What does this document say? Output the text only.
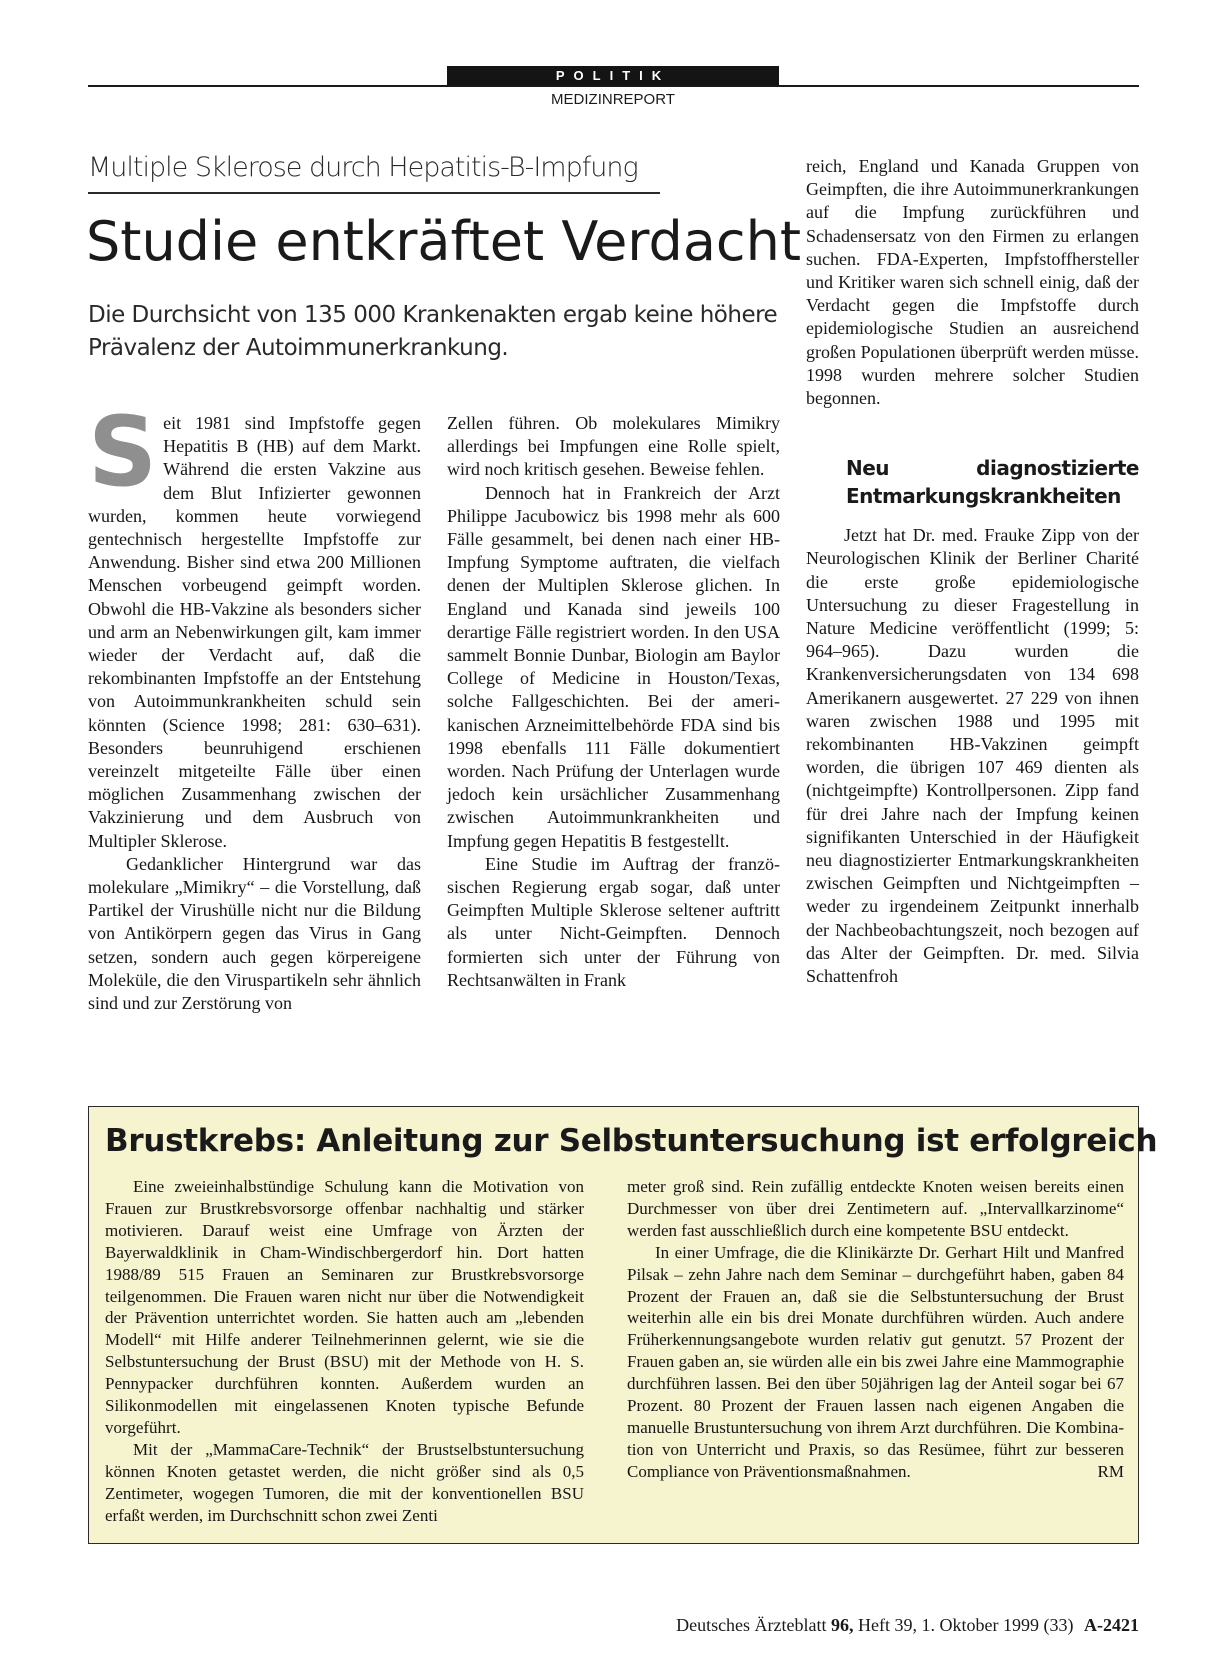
POLITIK
MEDIZINREPORT
Multiple Sklerose durch Hepatitis-B-Impfung
Studie entkräftet Verdacht
Die Durchsicht von 135 000 Krankenakten ergab keine höhere Prävalenz der Autoimmunerkrankung.

Seit 1981 sind Impfstoffe gegen Hepatitis B (HB) auf dem Markt. Während die ersten Vakzine aus dem Blut Infizierter gewonnen wurden, kommen heute vorwiegend gentechnisch hergestellte Impfstoffe zur Anwendung. Bisher sind etwa 200 Millionen Menschen vorbeugend geimpft worden. Obwohl die HB-Vakzine als besonders sicher und arm an Nebenwirkungen gilt, kam immer wieder der Verdacht auf, daß die rekombinanten Impfstoffe an der Entstehung von Autoimmunkrankheiten schuld sein könnten (Science 1998; 281: 630–631). Besonders beunruhigend erschienen vereinzelt mitgeteilte Fälle über einen möglichen Zusammenhang zwischen der Vakzinierung und dem Ausbruch von Multipler Sklerose.

Gedanklicher Hintergrund war das molekulare „Mimikry“ – die Vorstellung, daß Partikel der Virushülle nicht nur die Bildung von Antikörpern gegen das Virus in Gang setzen, sondern auch gegen körpereigene Moleküle, die den Viruspartikeln sehr ähnlich sind und zur Zerstörung von

Zellen führen. Ob molekulares Mimikry allerdings bei Impfungen eine Rolle spielt, wird noch kritisch gesehen. Beweise fehlen.

Dennoch hat in Frankreich der Arzt Philippe Jacubowicz bis 1998 mehr als 600 Fälle gesammelt, bei denen nach einer HB-Impfung Symptome auftraten, die vielfach denen der Multiplen Sklerose glichen. In England und Kanada sind jeweils 100 derartige Fälle registriert worden. In den USA sammelt Bonnie Dunbar, Biologin am Baylor College of Medicine in Houston/Texas, solche Fallgeschichten. Bei der amerikanischen Arzneimittelbehörde FDA sind bis 1998 ebenfalls 111 Fälle dokumentiert worden. Nach Prüfung der Unterlagen wurde jedoch kein ursächlicher Zusammenhang zwischen Autoimmunkrankheiten und Impfung gegen Hepatitis B festgestellt.

Eine Studie im Auftrag der französischen Regierung ergab sogar, daß unter Geimpften Multiple Sklerose seltener auftritt als unter Nicht-Geimpften. Dennoch formierten sich unter der Führung von Rechtsanwälten in Frank

reich, England und Kanada Gruppen von Geimpften, die ihre Autoimmunerkrankungen auf die Impfung zurückführen und Schadensersatz von den Firmen zu erlangen suchen. FDA-Experten, Impfstoffhersteller und Kritiker waren sich schnell einig, daß der Verdacht gegen die Impfstoffe durch epidemiologische Studien an ausreichend großen Populationen überprüft werden müsse. 1998 wurden mehrere solcher Studien begonnen.

Neu diagnostizierte Entmarkungskrankheiten

Jetzt hat Dr. med. Frauke Zipp von der Neurologischen Klinik der Berliner Charité die erste große epidemiologische Untersuchung zu dieser Fragestellung in Nature Medicine veröffentlicht (1999; 5: 964–965). Dazu wurden die Krankenversicherungsdaten von 134 698 Amerikanern ausgewertet. 27 229 von ihnen waren zwischen 1988 und 1995 mit rekombinanten HB-Vakzinen geimpft worden, die übrigen 107 469 dienten als (nichtgeimpfte) Kontrollpersonen. Zipp fand für drei Jahre nach der Impfung keinen signifikanten Unterschied in der Häufigkeit neu diagnostizierter Entmarkungskrankheiten zwischen Geimpften und Nichtgeimpften – weder zu irgendeinem Zeitpunkt innerhalb der Nachbeobachtungszeit, noch bezogen auf das Alter der Geimpften. Dr. med. Silvia Schattenfroh

Brustkrebs: Anleitung zur Selbstuntersuchung ist erfolgreich

Eine zweieinhalbstündige Schulung kann die Motivation von Frauen zur Brustkrebsvorsorge offenbar nachhaltig und stärker motivieren. Darauf weist eine Umfrage von Ärzten der Bayerwaldklinik in Cham-Windischbergerdorf hin. Dort hatten 1988/89 515 Frauen an Seminaren zur Brustkrebsvorsorge teilgenommen. Die Frauen waren nicht nur über die Notwendigkeit der Prävention unterrichtet worden. Sie hatten auch am „lebenden Modell“ mit Hilfe anderer Teilnehmerinnen gelernt, wie sie die Selbstuntersuchung der Brust (BSU) mit der Methode von H. S. Pennypacker durchführen konnten. Außerdem wurden an Silikonmodellen mit eingelassenen Knoten typische Befunde vorgeführt.

Mit der „MammaCare-Technik“ der Brustselbstuntersuchung können Knoten getastet werden, die nicht größer sind als 0,5 Zentimeter, wogegen Tumoren, die mit der konventionellen BSU erfaßt werden, im Durchschnitt schon zwei Zenti

meter groß sind. Rein zufällig entdeckte Knoten weisen bereits einen Durchmesser von über drei Zentimetern auf. „Intervallkarzinome“ werden fast ausschließlich durch eine kompetente BSU entdeckt.

In einer Umfrage, die die Klinikärzte Dr. Gerhart Hilt und Manfred Pilsak – zehn Jahre nach dem Seminar – durchgeführt haben, gaben 84 Prozent der Frauen an, daß sie die Selbstuntersuchung der Brust weiterhin alle ein bis drei Monate durchführen würden. Auch andere Früherkennungsangebote wurden relativ gut genutzt. 57 Prozent der Frauen gaben an, sie würden alle ein bis zwei Jahre eine Mammographie durchführen lassen. Bei den über 50jährigen lag der Anteil sogar bei 67 Prozent. 80 Prozent der Frauen lassen nach eigenen Angaben die manuelle Brustuntersuchung von ihrem Arzt durchführen. Die Kombination von Unterricht und Praxis, so das Resümee, führt zur besseren Compliance von Präventionsmaßnahmen.	RM

Deutsches Ärzteblatt 96, Heft 39, 1. Oktober 1999 (33) A-2421
